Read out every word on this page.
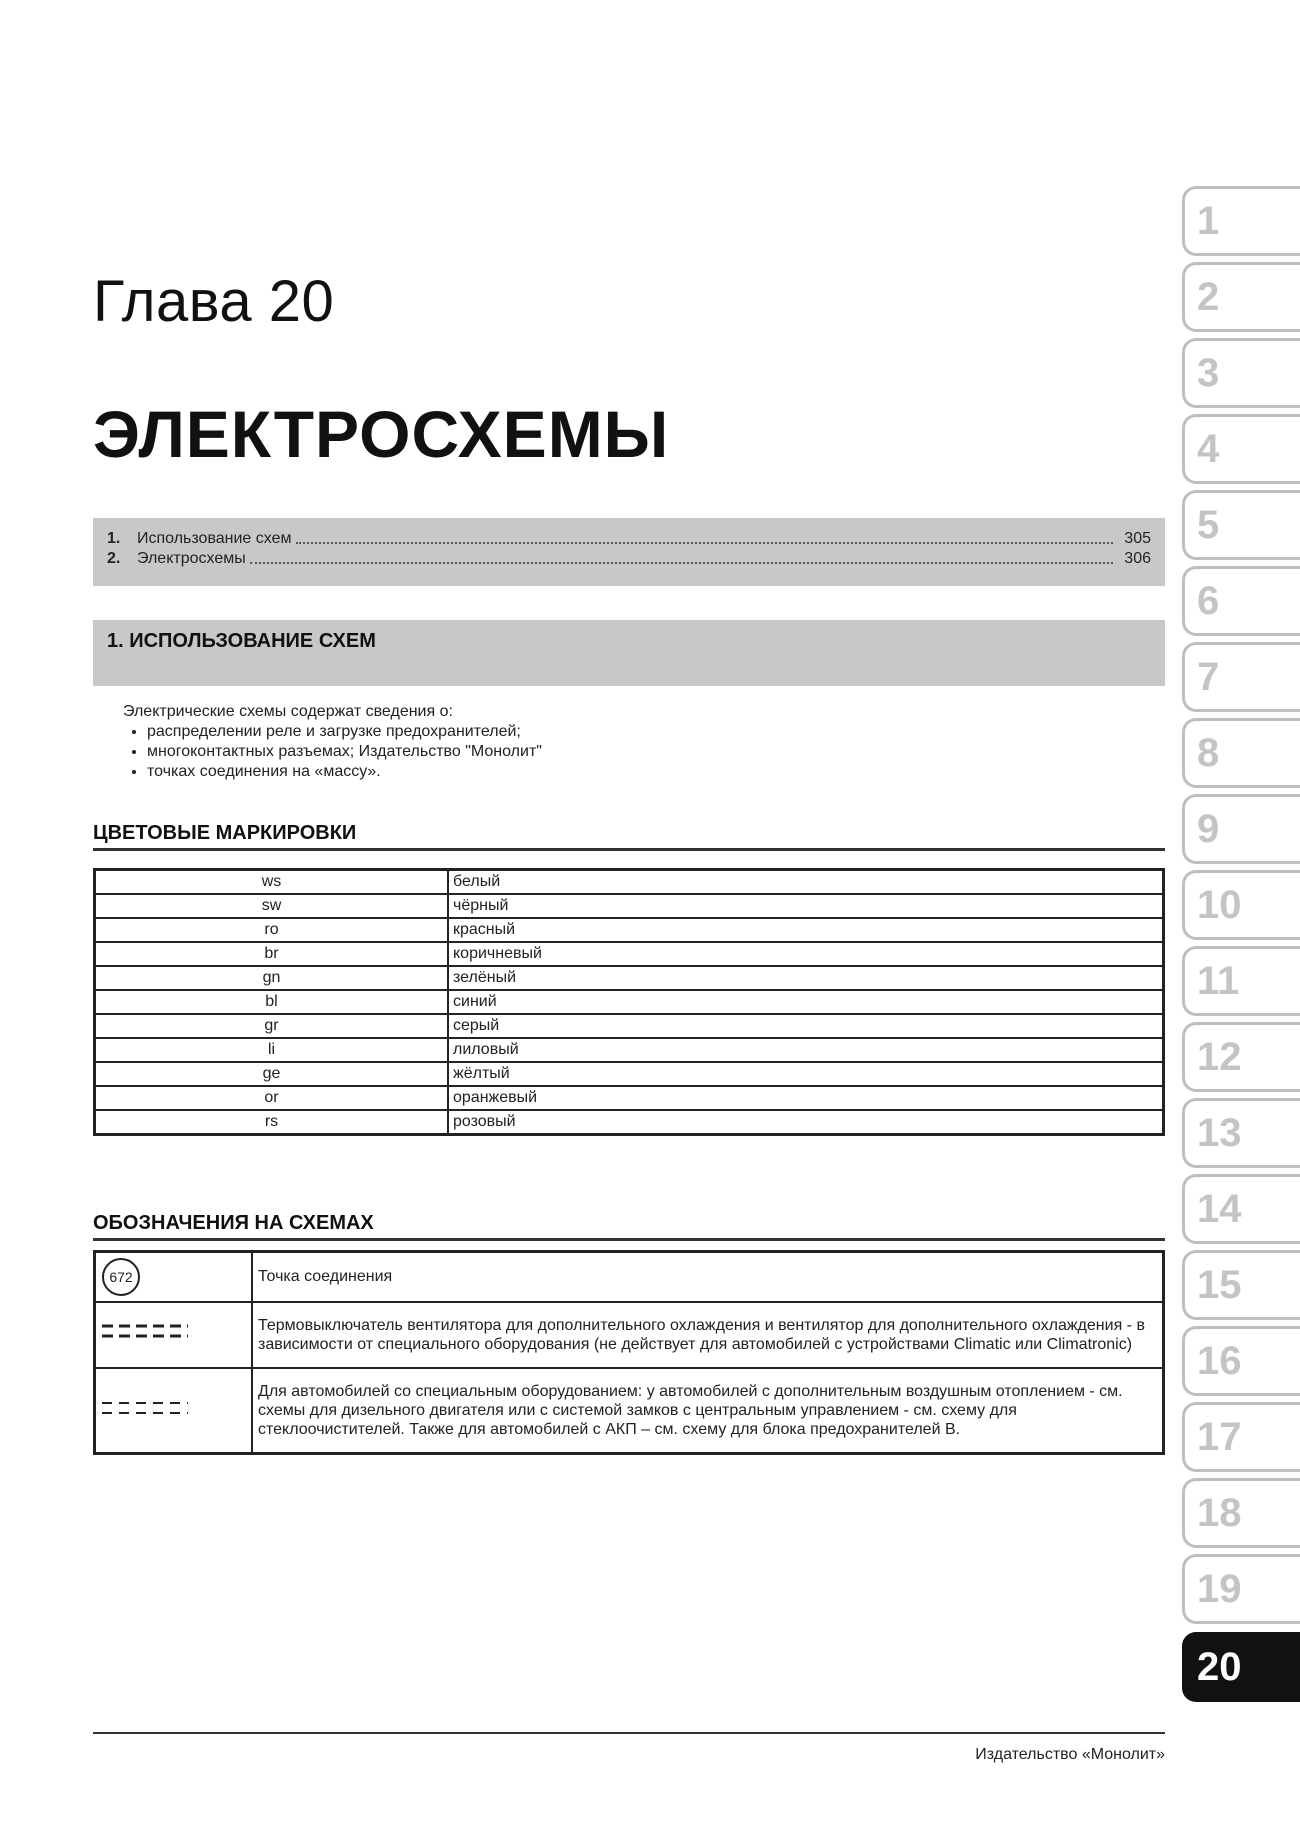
Глава 20
ЭЛЕКТРОСХЕМЫ
1.	Использование схем	305
2.	Электросхемы	306
1. ИСПОЛЬЗОВАНИЕ СХЕМ
Электрические схемы содержат сведения о:
• распределении реле и загрузке предохранителей;
• многоконтактных разъемах; Издательство "Монолит"
• точках соединения на «массу».
ЦВЕТОВЫЕ МАРКИРОВКИ
ws	белый
sw	чёрный
ro	красный
br	коричневый
gn	зелёный
bl	синий
gr	серый
li	лиловый
ge	жёлтый
or	оранжевый
rs	розовый
ОБОЗНАЧЕНИЯ НА СХЕМАХ
672	Точка соединения
	Термовыключатель вентилятора для дополнительного охлаждения и вентилятор для дополнительного охлаждения - в зависимости от специального оборудования (не действует для автомобилей с устройствами Climatic или Climatronic)
	Для автомобилей со специальным оборудованием: у автомобилей с дополнительным воздушным отоплением - см. схемы для дизельного двигателя или с системой замков с центральным управлением - см. схему для стеклоочистителей. Также для автомобилей с АКП – см. схему для блока предохранителей В.
1
2
3
4
5
6
7
8
9
10
11
12
13
14
15
16
17
18
19
20
Издательство «Монолит»
